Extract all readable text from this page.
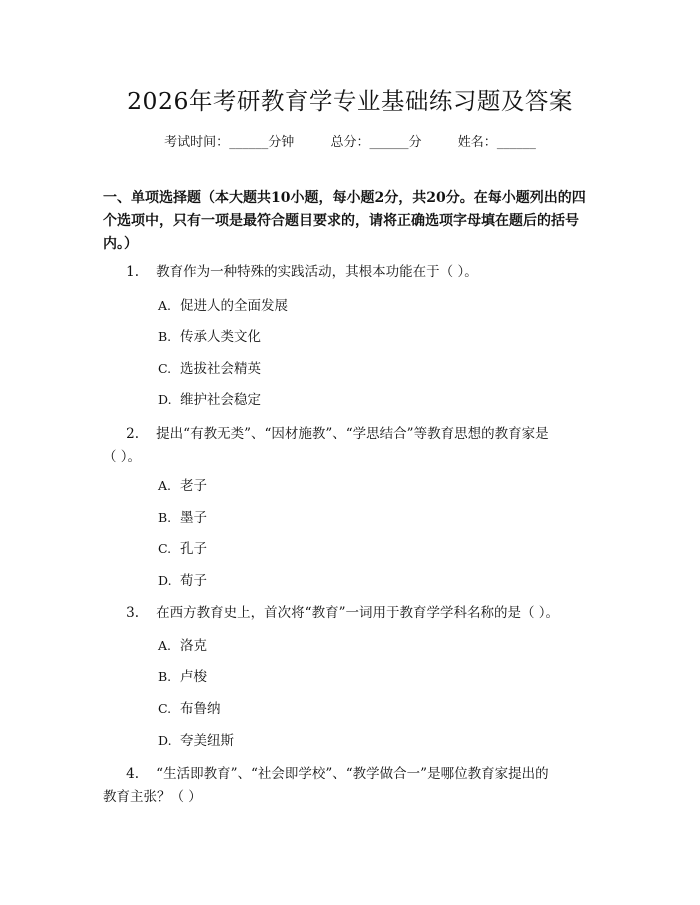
2026年考研教育学专业基础练习题及答案
考试时间：______分钟	总分：______分	姓名：______
一、单项选择题（本大题共10小题，每小题2分，共20分。在每小题列出的四个选项中，只有一项是最符合题目要求的，请将正确选项字母填在题后的括号内。）
1. 教育作为一种特殊的实践活动，其根本功能在于（ ）。
A. 促进人的全面发展
B. 传承人类文化
C. 选拔社会精英
D. 维护社会稳定
2. 提出“有教无类”、“因材施教”、“学思结合”等教育思想的教育家是
（ ）。
A. 老子
B. 墨子
C. 孔子
D. 荀子
3. 在西方教育史上，首次将“教育”一词用于教育学学科名称的是（ ）。
A. 洛克
B. 卢梭
C. 布鲁纳
D. 夸美纽斯
4. “生活即教育”、“社会即学校”、“教学做合一”是哪位教育家提出的
教育主张？（ ）
